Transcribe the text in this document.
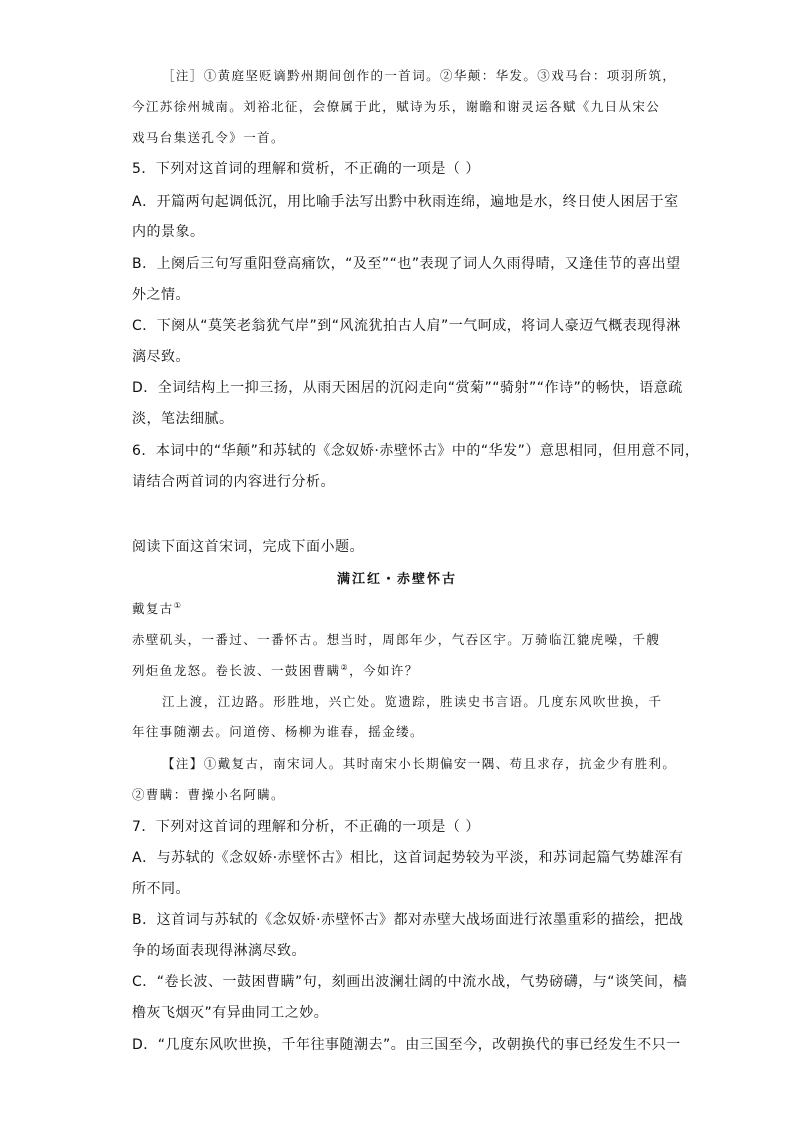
［注］①黄庭坚贬谪黔州期间创作的一首词。②华颠：华发。③戏马台：项羽所筑，
今江苏徐州城南。刘裕北征，会僚属于此，赋诗为乐，谢瞻和谢灵运各赋《九日从宋公
戏马台集送孔令》一首。
5．下列对这首词的理解和赏析，不正确的一项是（ ）
A．开篇两句起调低沉，用比喻手法写出黔中秋雨连绵，遍地是水，终日使人困居于室
内的景象。
B．上阕后三句写重阳登高痛饮，“及至”“也”表现了词人久雨得晴，又逢佳节的喜出望
外之情。
C．下阕从“莫笑老翁犹气岸”到“风流犹拍古人肩”一气呵成，将词人豪迈气概表现得淋
漓尽致。
D．全词结构上一抑三扬，从雨天困居的沉闷走向“赏菊”“骑射”“作诗”的畅快，语意疏
淡，笔法细腻。
6．本词中的“华颠”和苏轼的《念奴娇·赤壁怀古》中的“华发”）意思相同，但用意不同，
请结合两首词的内容进行分析。
阅读下面这首宋词，完成下面小题。
满江红・赤壁怀古
戴复古①
赤壁矶头，一番过、一番怀古。想当时，周郎年少，气吞区宇。万骑临江貔虎噪，千艘
列炬鱼龙怒。卷长波、一鼓困曹瞒②，今如许？
江上渡，江边路。形胜地，兴亡处。览遗踪，胜读史书言语。几度东风吹世换，千
年往事随潮去。问道傍、杨柳为谁春，摇金缕。
【注】①戴复古，南宋词人。其时南宋小长期偏安一隅、苟且求存，抗金少有胜利。
②曹瞒：曹操小名阿瞒。
7．下列对这首词的理解和分析，不正确的一项是（ ）
A．与苏轼的《念奴娇·赤壁怀古》相比，这首词起势较为平淡，和苏词起篇气势雄浑有
所不同。
B．这首词与苏轼的《念奴娇·赤壁怀古》都对赤壁大战场面进行浓墨重彩的描绘，把战
争的场面表现得淋漓尽致。
C．“卷长波、一鼓困曹瞒”句，刻画出波澜壮阔的中流水战，气势磅礴，与“谈笑间，樯
橹灰飞烟灭”有异曲同工之妙。
D．“几度东风吹世换，千年往事随潮去”。由三国至今，改朝换代的事已经发生不只一
